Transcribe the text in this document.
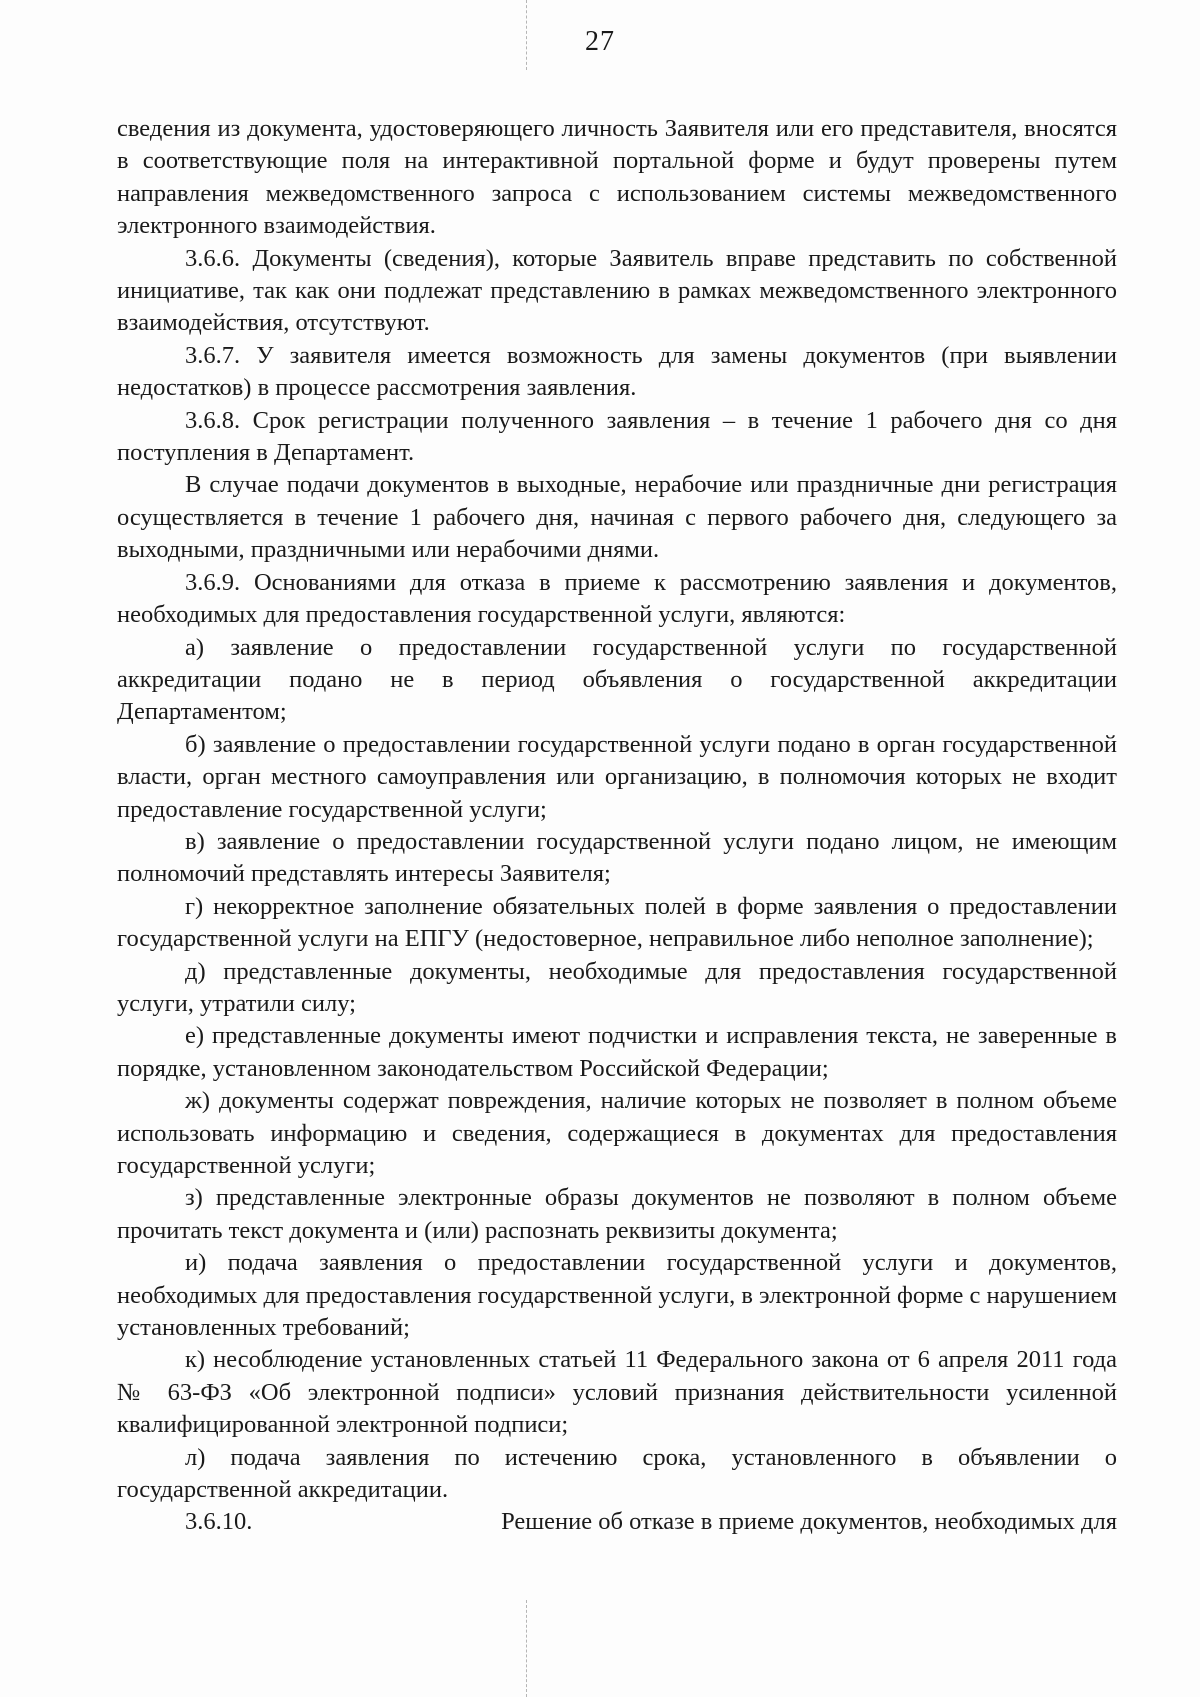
27

сведения из документа, удостоверяющего личность Заявителя или его представителя, вносятся в соответствующие поля на интерактивной портальной форме и будут проверены путем направления межведомственного запроса с использованием системы межведомственного электронного взаимодействия.

3.6.6. Документы (сведения), которые Заявитель вправе представить по собственной инициативе, так как они подлежат представлению в рамках межведомственного электронного взаимодействия, отсутствуют.

3.6.7. У заявителя имеется возможность для замены документов (при выявлении недостатков) в процессе рассмотрения заявления.

3.6.8. Срок регистрации полученного заявления – в течение 1 рабочего дня со дня поступления в Департамент.

В случае подачи документов в выходные, нерабочие или праздничные дни регистрация осуществляется в течение 1 рабочего дня, начиная с первого рабочего дня, следующего за выходными, праздничными или нерабочими днями.

3.6.9. Основаниями для отказа в приеме к рассмотрению заявления и документов, необходимых для предоставления государственной услуги, являются:

а) заявление о предоставлении государственной услуги по государственной аккредитации подано не в период объявления о государственной аккредитации Департаментом;

б) заявление о предоставлении государственной услуги подано в орган государственной власти, орган местного самоуправления или организацию, в полномочия которых не входит предоставление государственной услуги;

в) заявление о предоставлении государственной услуги подано лицом, не имеющим полномочий представлять интересы Заявителя;

г) некорректное заполнение обязательных полей в форме заявления о предоставлении государственной услуги на ЕПГУ (недостоверное, неправильное либо неполное заполнение);

д) представленные документы, необходимые для предоставления государственной услуги, утратили силу;

е) представленные документы имеют подчистки и исправления текста, не заверенные в порядке, установленном законодательством Российской Федерации;

ж) документы содержат повреждения, наличие которых не позволяет в полном объеме использовать информацию и сведения, содержащиеся в документах для предоставления государственной услуги;

з) представленные электронные образы документов не позволяют в полном объеме прочитать текст документа и (или) распознать реквизиты документа;

и) подача заявления о предоставлении государственной услуги и документов, необходимых для предоставления государственной услуги, в электронной форме с нарушением установленных требований;

к) несоблюдение установленных статьей 11 Федерального закона от 6 апреля 2011 года № 63-ФЗ «Об электронной подписи» условий признания действительности усиленной квалифицированной электронной подписи;

л) подача заявления по истечению срока, установленного в объявлении о государственной аккредитации.

3.6.10.	Решение об отказе в приеме документов, необходимых для
